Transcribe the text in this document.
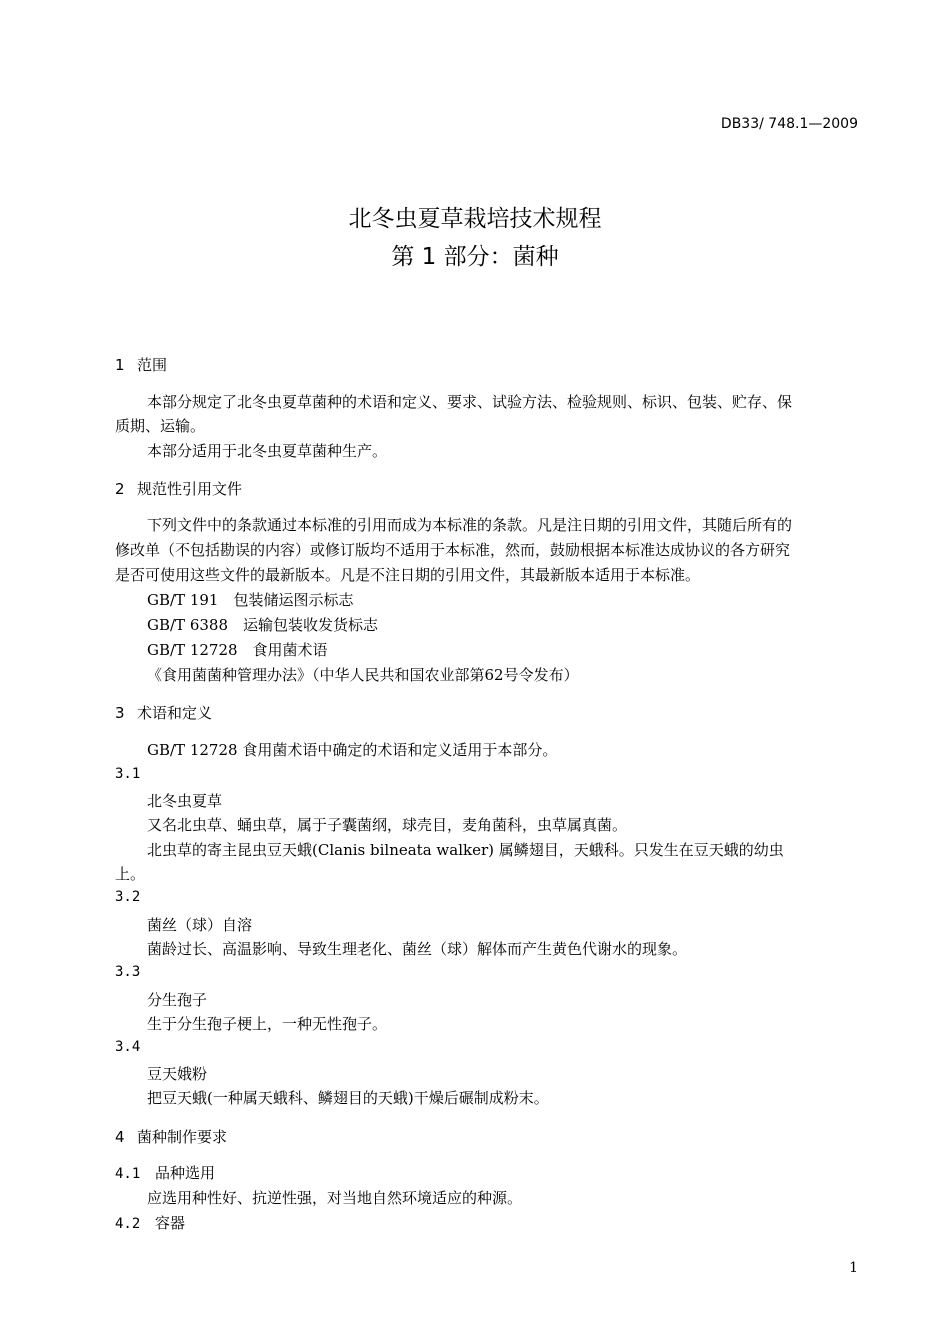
DB33/ 748.1—2009
北冬虫夏草栽培技术规程
第 1 部分：菌种
1 范围
本部分规定了北冬虫夏草菌种的术语和定义、要求、试验方法、检验规则、标识、包装、贮存、保
质期、运输。
本部分适用于北冬虫夏草菌种生产。
2 规范性引用文件
下列文件中的条款通过本标准的引用而成为本标准的条款。凡是注日期的引用文件，其随后所有的
修改单（不包括勘误的内容）或修订版均不适用于本标准，然而，鼓励根据本标准达成协议的各方研究
是否可使用这些文件的最新版本。凡是不注日期的引用文件，其最新版本适用于本标准。
GB/T 191　包装储运图示标志
GB/T 6388　运输包装收发货标志
GB/T 12728　食用菌术语
《食用菌菌种管理办法》（中华人民共和国农业部第62号令发布）
3 术语和定义
GB/T 12728 食用菌术语中确定的术语和定义适用于本部分。
3.1
北冬虫夏草
又名北虫草、蛹虫草，属于子囊菌纲，球壳目，麦角菌科，虫草属真菌。
北虫草的寄主昆虫豆天蛾(Clanis bilneata walker) 属鳞翅目，天蛾科。只发生在豆天蛾的幼虫
上。
3.2
菌丝（球）自溶
菌龄过长、高温影响、导致生理老化、菌丝（球）解体而产生黄色代谢水的现象。
3.3
分生孢子
生于分生孢子梗上，一种无性孢子。
3.4
豆天娥粉
把豆天蛾(一种属天蛾科、鳞翅目的天蛾)干燥后碾制成粉末。
4 菌种制作要求
4.1 品种选用
应选用种性好、抗逆性强，对当地自然环境适应的种源。
4.2 容器
1
